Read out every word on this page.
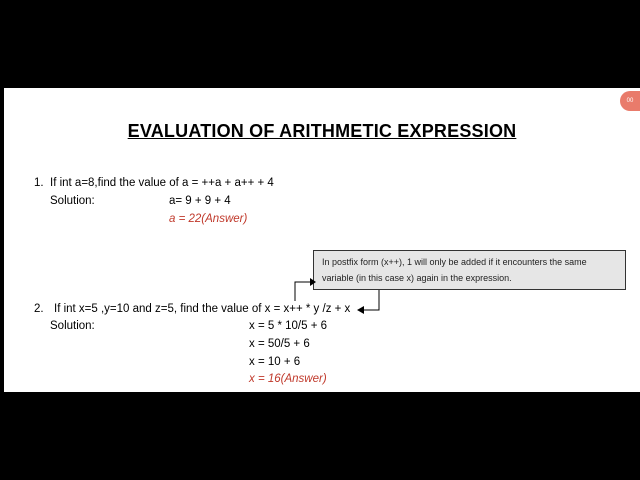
EVALUATION OF ARITHMETIC EXPRESSION
1. If int a=8,find the value of a = ++a + a++ + 4
Solution:	a= 9 + 9 + 4
a = 22(Answer)
In postfix form (x++), 1 will only be added if it encounters the same
variable (in this case x) again in the expression.
2. If int x=5 ,y=10 and z=5, find the value of x = x++ * y /z + x
Solution:	x = 5 * 10/5 + 6
x = 50/5 + 6
x = 10 + 6
x = 16(Answer)
00
